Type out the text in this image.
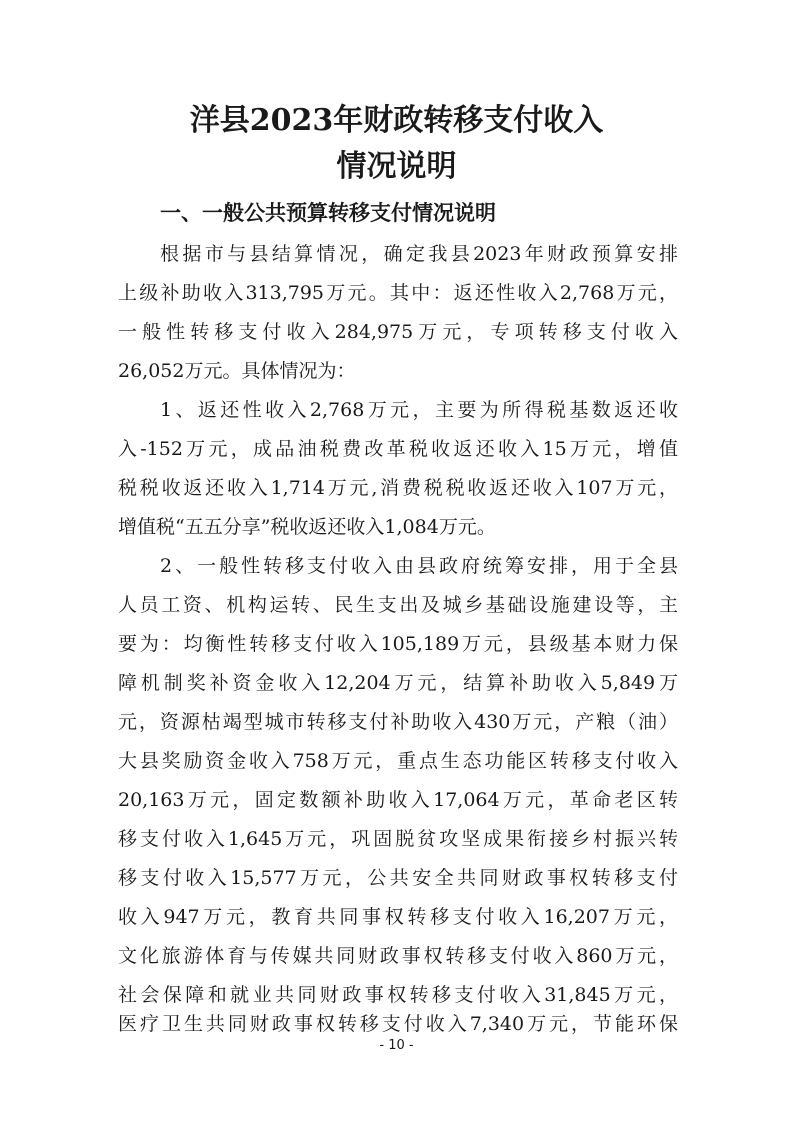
洋县2023年财政转移支付收入
情况说明
一、一般公共预算转移支付情况说明
根据市与县结算情况，确定我县2023年财政预算安排
上级补助收入313,795万元。其中：返还性收入2,768万元，
一般性转移支付收入284,975万元，专项转移支付收入
26,052万元。具体情况为：
1、返还性收入2,768万元，主要为所得税基数返还收
入-152万元，成品油税费改革税收返还收入15万元，增值
税税收返还收入1,714万元,消费税税收返还收入107万元，
增值税“五五分享”税收返还收入1,084万元。
2、一般性转移支付收入由县政府统筹安排，用于全县
人员工资、机构运转、民生支出及城乡基础设施建设等，主
要为：均衡性转移支付收入105,189万元，县级基本财力保
障机制奖补资金收入12,204万元，结算补助收入5,849万
元，资源枯竭型城市转移支付补助收入430万元，产粮（油）
大县奖励资金收入758万元，重点生态功能区转移支付收入
20,163万元，固定数额补助收入17,064万元，革命老区转
移支付收入1,645万元，巩固脱贫攻坚成果衔接乡村振兴转
移支付收入15,577万元，公共安全共同财政事权转移支付
收入947万元，教育共同事权转移支付收入16,207万元，
文化旅游体育与传媒共同财政事权转移支付收入860万元，
社会保障和就业共同财政事权转移支付收入31,845万元，
医疗卫生共同财政事权转移支付收入7,340万元，节能环保
- 10 -
